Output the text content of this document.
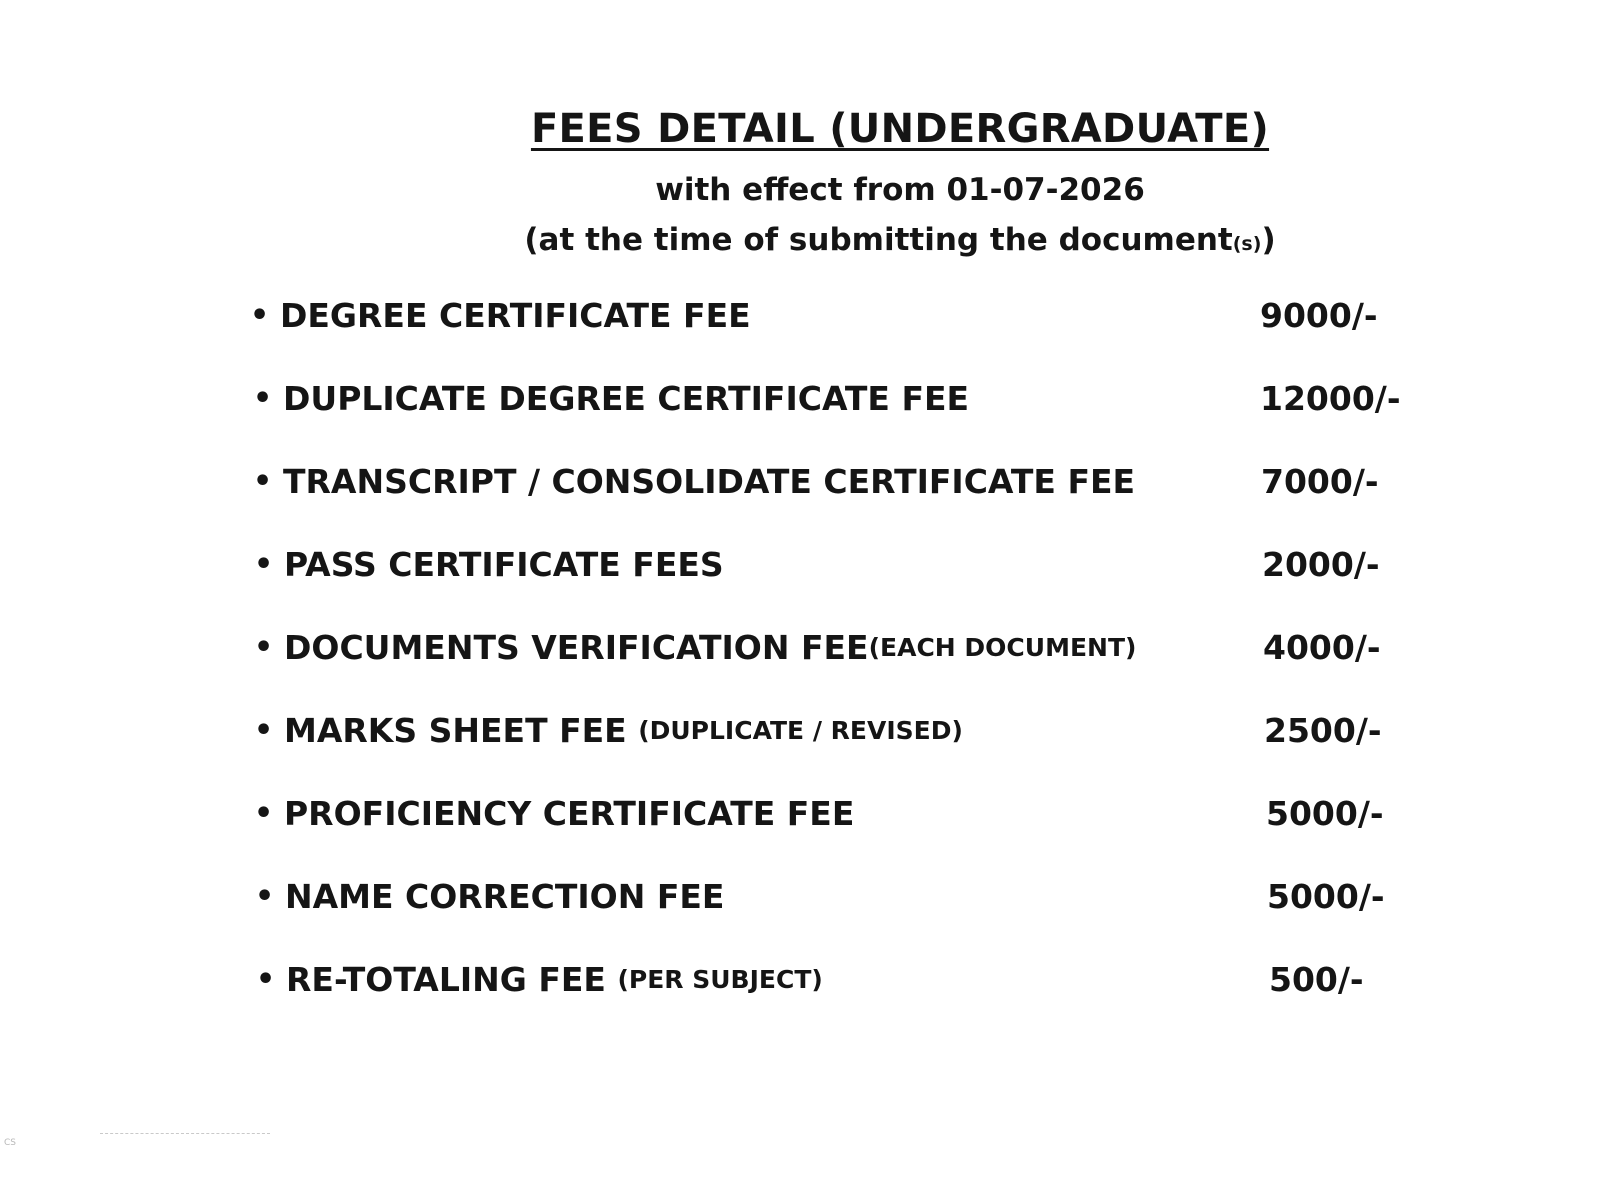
FEES DETAIL (UNDERGRADUATE)
with effect from 01-07-2026
(at the time of submitting the document(s))
• DEGREE CERTIFICATE FEE	9000/-
• DUPLICATE DEGREE CERTIFICATE FEE	12000/-
• TRANSCRIPT / CONSOLIDATE CERTIFICATE FEE	7000/-
• PASS CERTIFICATE FEES	2000/-
• DOCUMENTS VERIFICATION FEE (EACH DOCUMENT)	4000/-
• MARKS SHEET FEE (DUPLICATE / REVISED)	2500/-
• PROFICIENCY CERTIFICATE FEE	5000/-
• NAME CORRECTION FEE	5000/-
• RE-TOTALING FEE (PER SUBJECT)	500/-
CS
